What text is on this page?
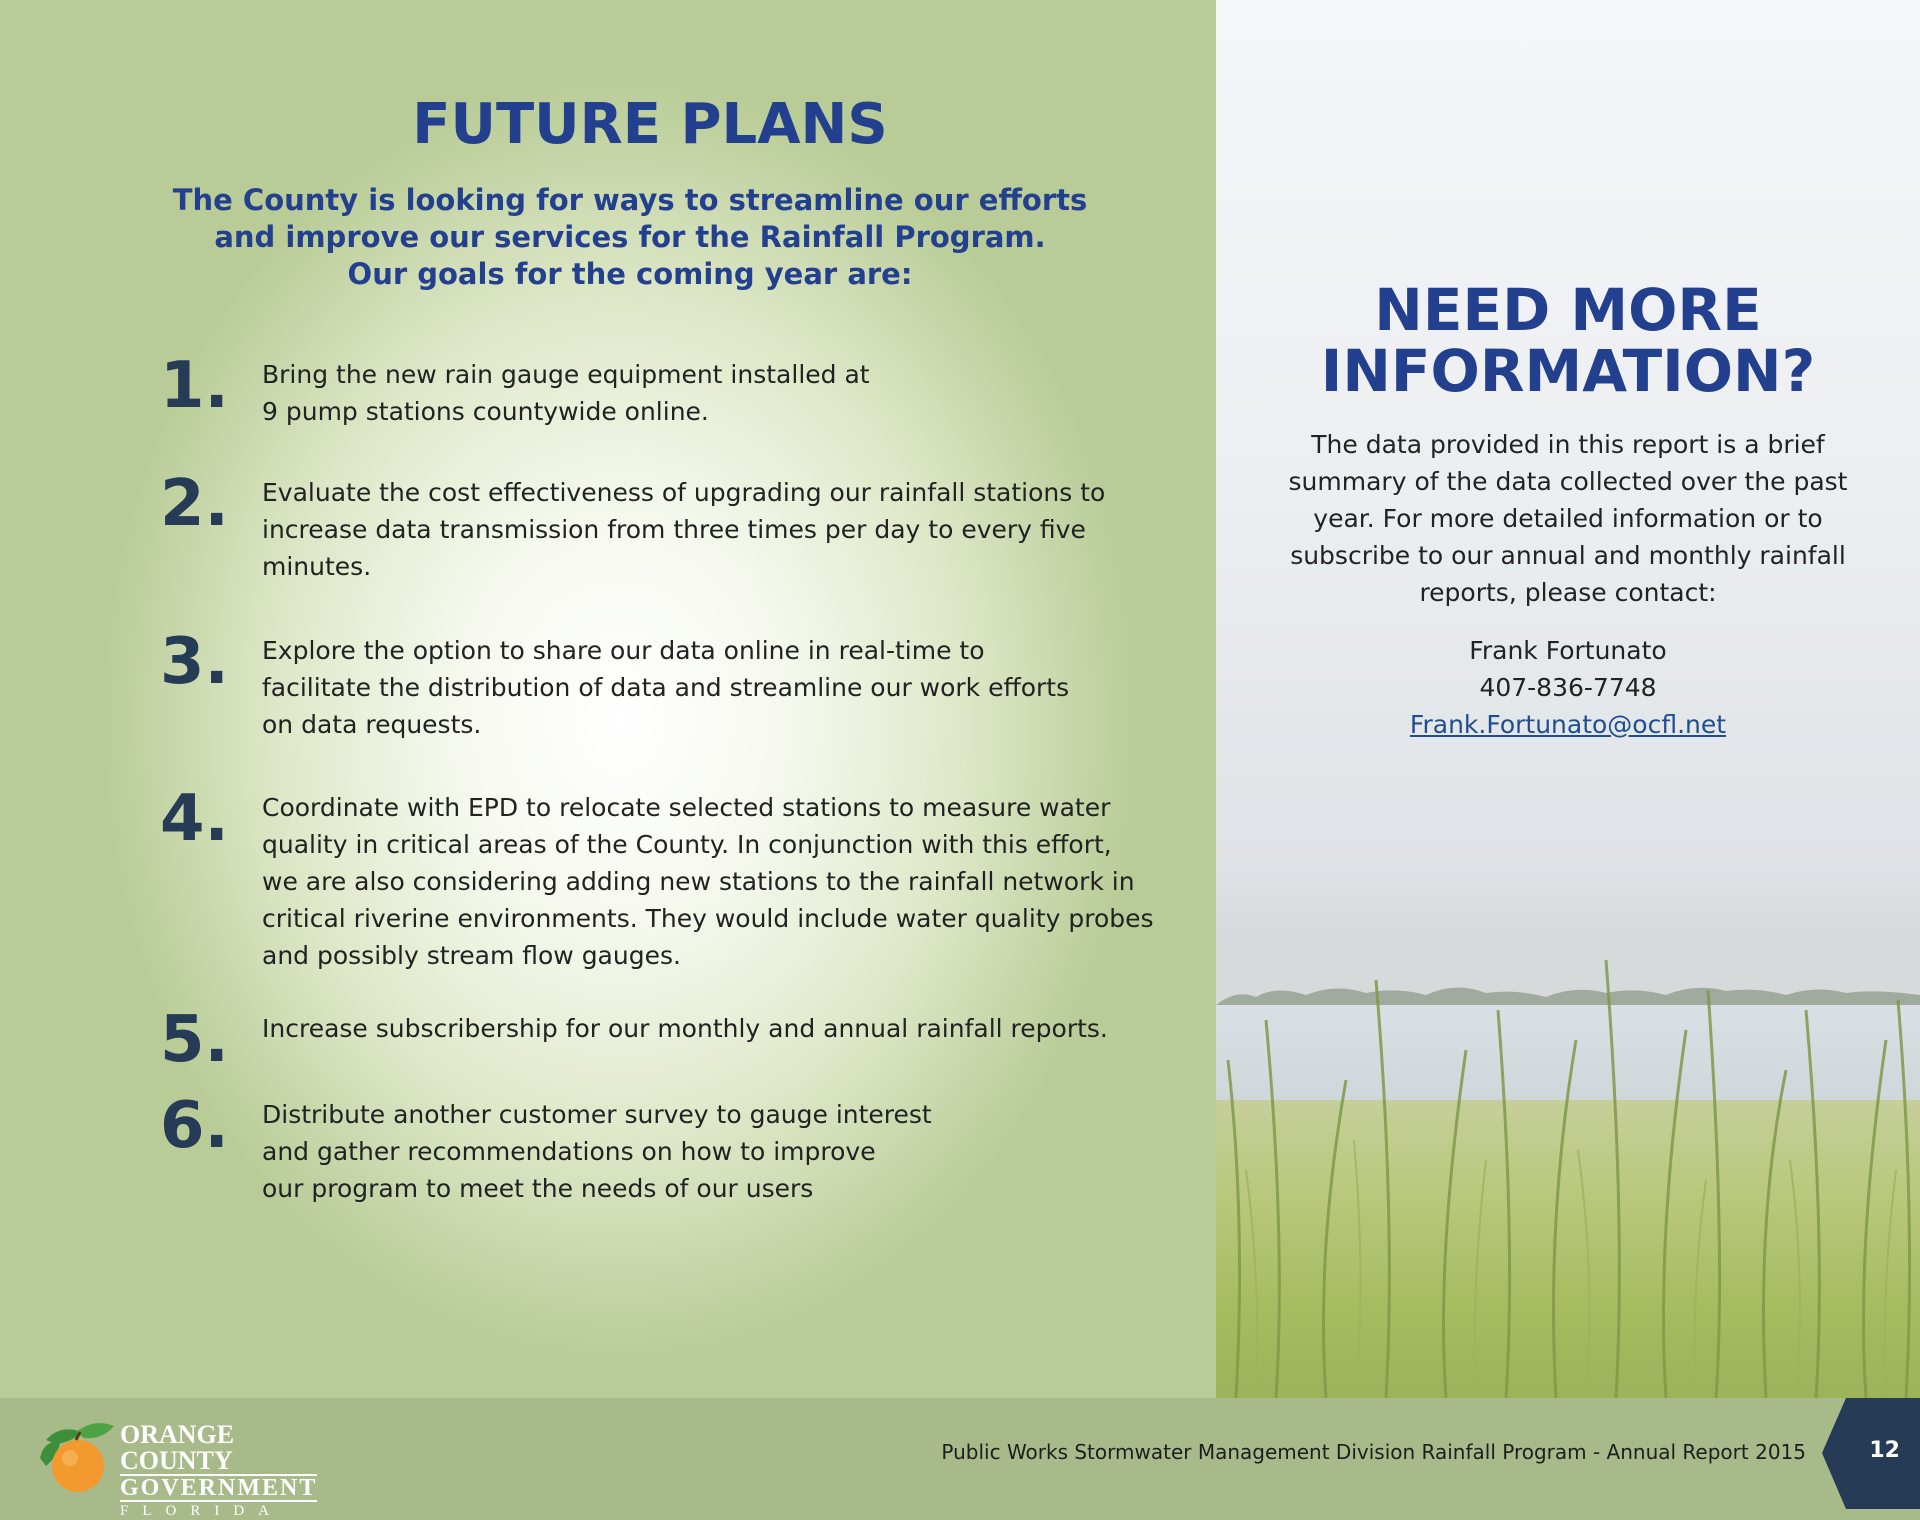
FUTURE PLANS
The County is looking for ways to streamline our efforts
and improve our services for the Rainfall Program.
Our goals for the coming year are:
1. Bring the new rain gauge equipment installed at
9 pump stations countywide online.
2. Evaluate the cost effectiveness of upgrading our rainfall stations to
increase data transmission from three times per day to every five
minutes.
3. Explore the option to share our data online in real-time to
facilitate the distribution of data and streamline our work efforts
on data requests.
4. Coordinate with EPD to relocate selected stations to measure water
quality in critical areas of the County. In conjunction with this effort,
we are also considering adding new stations to the rainfall network in
critical riverine environments. They would include water quality probes
and possibly stream flow gauges.
5. Increase subscribership for our monthly and annual rainfall reports.
6. Distribute another customer survey to gauge interest
and gather recommendations on how to improve
our program to meet the needs of our users
NEED MORE
INFORMATION?

The data provided in this report is a brief summary of the data collected over the past year. For more detailed information or to subscribe to our annual and monthly rainfall reports, please contact:

Frank Fortunato
407-836-7748
Frank.Fortunato@ocfl.net
ORANGE COUNTY
GOVERNMENT
FLORIDA
Public Works Stormwater Management Division Rainfall Program - Annual Report 2015	12
